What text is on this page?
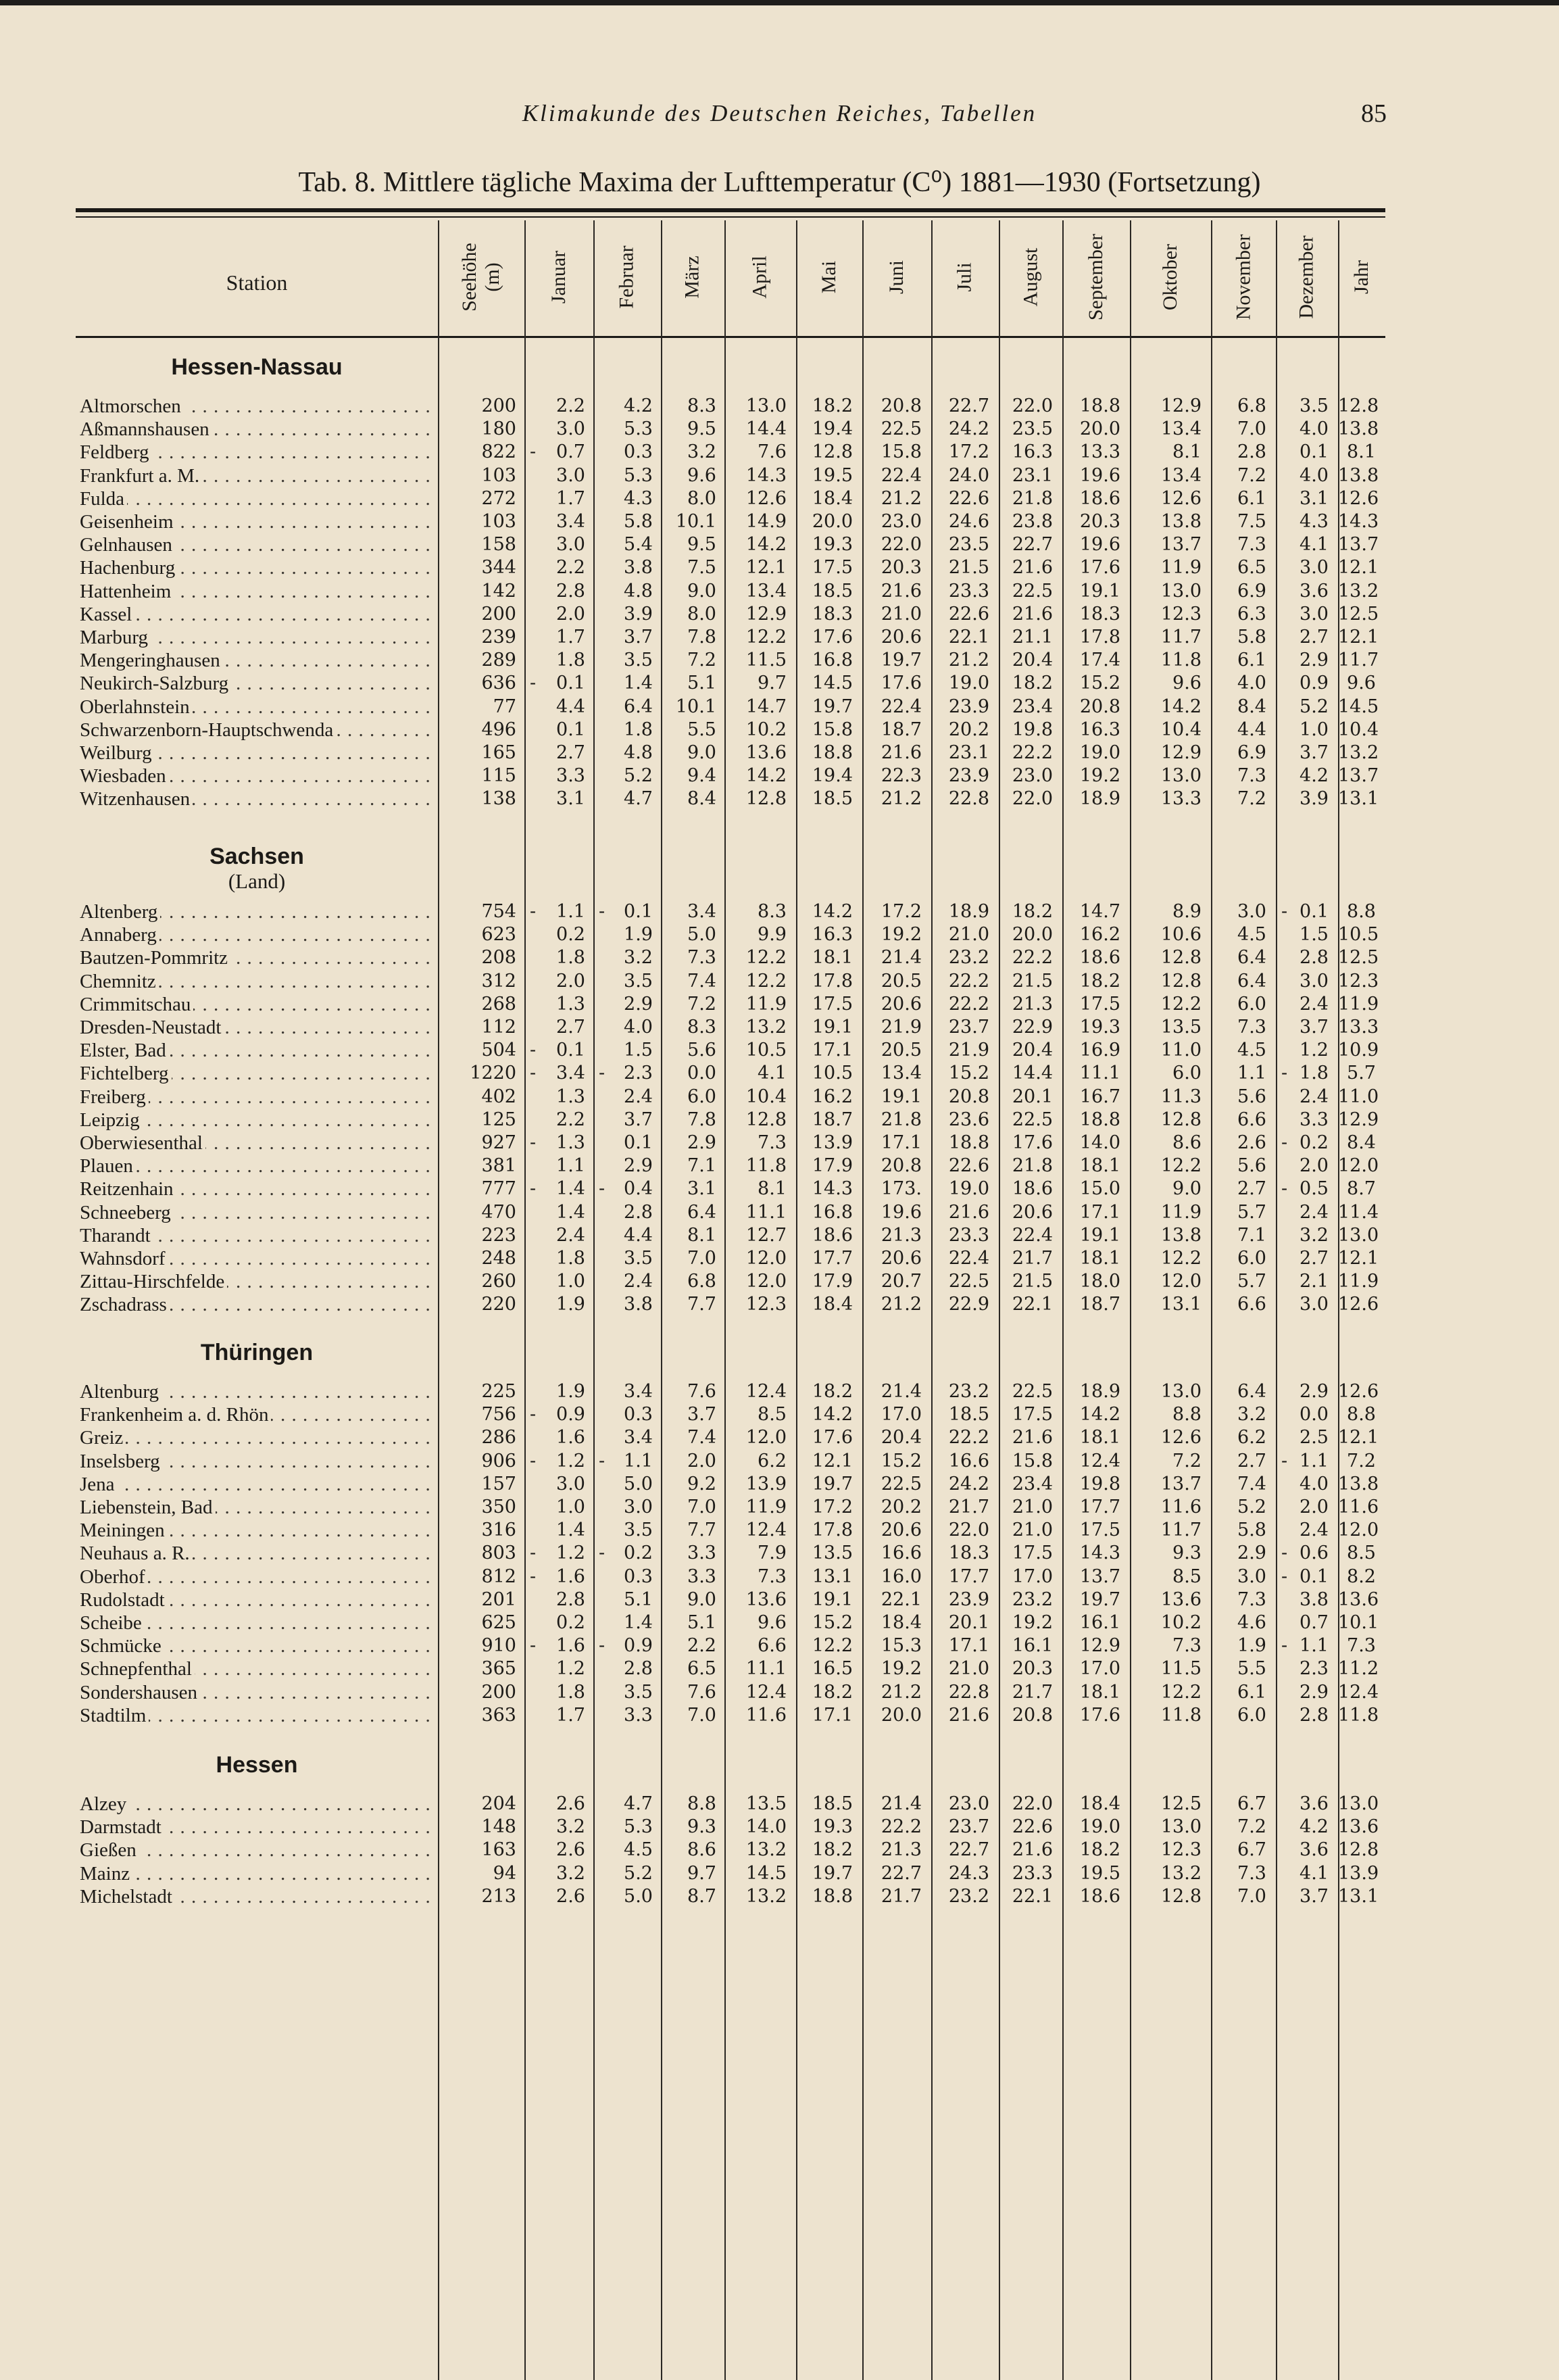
Klimakunde des Deutschen Reiches, Tabellen	85
Tab. 8. Mittlere tägliche Maxima der Lufttemperatur (C⁰) 1881—1930 (Fortsetzung)
Station	Seehöhe (m) Januar Februar März April Mai Juni Juli August September	Oktober	November Dezember Jahr
Hessen-Nassau
Altmorschen . . .	200	2.2	4.2	8.3	13.0	18.2	20.8	22.7	22.0	18.8	12.9	6.8	3.5 12.8
Aßmannshausen . . .	180	3.0	5.3	9.5	14.4	19.4	22.5	24.2	23.5	20.0	13.4	7.0	4.0 13.8
Feldberg . . .	822 -	0.7	0.3	3.2	7.6	12.8	15.8	17.2	16.3	13.3	8.1	2.8	0.1	8.1
Frankfurt a. M. . . .	103	3.0	5.3	9.6	14.3	19.5	22.4	24.0	23.1	19.6	13.4	7.2	4.0 13.8
Fulda . . .	272	1.7	4.3	8.0	12.6	18.4	21.2	22.6	21.8	18.6	12.6	6.1	3.1 12.6
Geisenheim . . .	103	3.4	5.8	10.1	14.9	20.0	23.0	24.6	23.8	20.3	13.8	7.5	4.3 14.3
Gelnhausen . . .	158	3.0	5.4	9.5	14.2	19.3	22.0	23.5	22.7	19.6	13.7	7.3	4.1 13.7
Hachenburg . . .	344	2.2	3.8	7.5	12.1	17.5	20.3	21.5	21.6	17.6	11.9	6.5	3.0 12.1
Hattenheim . . .	142	2.8	4.8	9.0	13.4	18.5	21.6	23.3	22.5	19.1	13.0	6.9	3.6 13.2
Kassel . . .	200	2.0	3.9	8.0	12.9	18.3	21.0	22.6	21.6	18.3	12.3	6.3	3.0 12.5
Marburg . . .	239	1.7	3.7	7.8	12.2	17.6	20.6	22.1	21.1	17.8	11.7	5.8	2.7 12.1
Mengeringhausen . . .	289	1.8	3.5	7.2	11.5	16.8	19.7	21.2	20.4	17.4	11.8	6.1	2.9 11.7
Neukirch-Salzburg . . .	636 -	0.1	1.4	5.1	9.7	14.5	17.6	19.0	18.2	15.2	9.6	4.0	0.9	9.6
Oberlahnstein . . .	77	4.4	6.4	10.1	14.7	19.7	22.4	23.9	23.4	20.8	14.2	8.4	5.2 14.5
Schwarzenborn-Hauptschwenda . . .	496	0.1	1.8	5.5	10.2	15.8	18.7	20.2	19.8	16.3	10.4	4.4	1.0 10.4
Weilburg . . .	165	2.7	4.8	9.0	13.6	18.8	21.6	23.1	22.2	19.0	12.9	6.9	3.7 13.2
Wiesbaden . . .	115	3.3	5.2	9.4	14.2	19.4	22.3	23.9	23.0	19.2	13.0	7.3	4.2 13.7
Witzenhausen . . .	138	3.1	4.7	8.4	12.8	18.5	21.2	22.8	22.0	18.9	13.3	7.2	3.9 13.1
Sachsen
(Land)
Altenberg . . .	754 -	1.1 -	0.1	3.4	8.3	14.2	17.2	18.9	18.2	14.7	8.9	3.0 - 0.1	8.8
Annaberg . . .	623	0.2	1.9	5.0	9.9	16.3	19.2	21.0	20.0	16.2	10.6	4.5	1.5 10.5
Bautzen-Pommritz . . .	208	1.8	3.2	7.3	12.2	18.1	21.4	23.2	22.2	18.6	12.8	6.4	2.8 12.5
Chemnitz . . .	312	2.0	3.5	7.4	12.2	17.8	20.5	22.2	21.5	18.2	12.8	6.4	3.0 12.3
Crimmitschau . . .	268	1.3	2.9	7.2	11.9	17.5	20.6	22.2	21.3	17.5	12.2	6.0	2.4 11.9
Dresden-Neustadt . . .	112	2.7	4.0	8.3	13.2	19.1	21.9	23.7	22.9	19.3	13.5	7.3	3.7 13.3
Elster, Bad . . .	504 -	0.1	1.5	5.6	10.5	17.1	20.5	21.9	20.4	16.9	11.0	4.5	1.2 10.9
Fichtelberg . . .	1220 -	3.4 -	2.3	0.0	4.1	10.5	13.4	15.2	14.4	11.1	6.0	1.1 - 1.8	5.7
Freiberg . . .	402	1.3	2.4	6.0	10.4	16.2	19.1	20.8	20.1	16.7	11.3	5.6	2.4 11.0
Leipzig . . .	125	2.2	3.7	7.8	12.8	18.7	21.8	23.6	22.5	18.8	12.8	6.6	3.3 12.9
Oberwiesenthal . . .	927 -	1.3	0.1	2.9	7.3	13.9	17.1	18.8	17.6	14.0	8.6	2.6 - 0.2	8.4
Plauen . . .	381	1.1	2.9	7.1	11.8	17.9	20.8	22.6	21.8	18.1	12.2	5.6	2.0 12.0
Reitzenhain . . .	777 -	1.4 -	0.4	3.1	8.1	14.3	173.	19.0	18.6	15.0	9.0	2.7 - 0.5	8.7
Schneeberg . . .	470	1.4	2.8	6.4	11.1	16.8	19.6	21.6	20.6	17.1	11.9	5.7	2.4 11.4
Tharandt . . .	223	2.4	4.4	8.1	12.7	18.6	21.3	23.3	22.4	19.1	13.8	7.1	3.2 13.0
Wahnsdorf . . .	248	1.8	3.5	7.0	12.0	17.7	20.6	22.4	21.7	18.1	12.2	6.0	2.7 12.1
Zittau-Hirschfelde . . .	260	1.0	2.4	6.8	12.0	17.9	20.7	22.5	21.5	18.0	12.0	5.7	2.1 11.9
Zschadrass . . .	220	1.9	3.8	7.7	12.3	18.4	21.2	22.9	22.1	18.7	13.1	6.6	3.0 12.6
Thüringen
Altenburg . . .	225	1.9	3.4	7.6	12.4	18.2	21.4	23.2	22.5	18.9	13.0	6.4	2.9 12.6
Frankenheim a. d. Rhön . . .	756 -	0.9	0.3	3.7	8.5	14.2	17.0	18.5	17.5	14.2	8.8	3.2	0.0	8.8
Greiz . . .	286	1.6	3.4	7.4	12.0	17.6	20.4	22.2	21.6	18.1	12.6	6.2	2.5 12.1
Inselsberg . . .	906 -	1.2 -	1.1	2.0	6.2	12.1	15.2	16.6	15.8	12.4	7.2	2.7 - 1.1	7.2
Jena . . .	157	3.0	5.0	9.2	13.9	19.7	22.5	24.2	23.4	19.8	13.7	7.4	4.0 13.8
Liebenstein, Bad . . .	350	1.0	3.0	7.0	11.9	17.2	20.2	21.7	21.0	17.7	11.6	5.2	2.0 11.6
Meiningen . . .	316	1.4	3.5	7.7	12.4	17.8	20.6	22.0	21.0	17.5	11.7	5.8	2.4 12.0
Neuhaus a. R. . . .	803 -	1.2 -	0.2	3.3	7.9	13.5	16.6	18.3	17.5	14.3	9.3	2.9 - 0.6	8.5
Oberhof . . .	812 -	1.6	0.3	3.3	7.3	13.1	16.0	17.7	17.0	13.7	8.5	3.0 - 0.1	8.2
Rudolstadt . . .	201	2.8	5.1	9.0	13.6	19.1	22.1	23.9	23.2	19.7	13.6	7.3	3.8 13.6
Scheibe . . .	625	0.2	1.4	5.1	9.6	15.2	18.4	20.1	19.2	16.1	10.2	4.6	0.7 10.1
Schmücke . . .	910 -	1.6 -	0.9	2.2	6.6	12.2	15.3	17.1	16.1	12.9	7.3	1.9 - 1.1	7.3
Schnepfenthal . . .	365	1.2	2.8	6.5	11.1	16.5	19.2	21.0	20.3	17.0	11.5	5.5	2.3 11.2
Sondershausen . . .	200	1.8	3.5	7.6	12.4	18.2	21.2	22.8	21.7	18.1	12.2	6.1	2.9 12.4
Stadtilm . . .	363	1.7	3.3	7.0	11.6	17.1	20.0	21.6	20.8	17.6	11.8	6.0	2.8 11.8
Hessen
Alzey . . .	204	2.6	4.7	8.8	13.5	18.5	21.4	23.0	22.0	18.4	12.5	6.7	3.6 13.0
Darmstadt . . .	148	3.2	5.3	9.3	14.0	19.3	22.2	23.7	22.6	19.0	13.0	7.2	4.2 13.6
Gießen . . .	163	2.6	4.5	8.6	13.2	18.2	21.3	22.7	21.6	18.2	12.3	6.7	3.6 12.8
Mainz . . .	94	3.2	5.2	9.7	14.5	19.7	22.7	24.3	23.3	19.5	13.2	7.3	4.1 13.9
Michelstadt . . .	213	2.6	5.0	8.7	13.2	18.8	21.7	23.2	22.1	18.6	12.8	7.0	3.7 13.1
